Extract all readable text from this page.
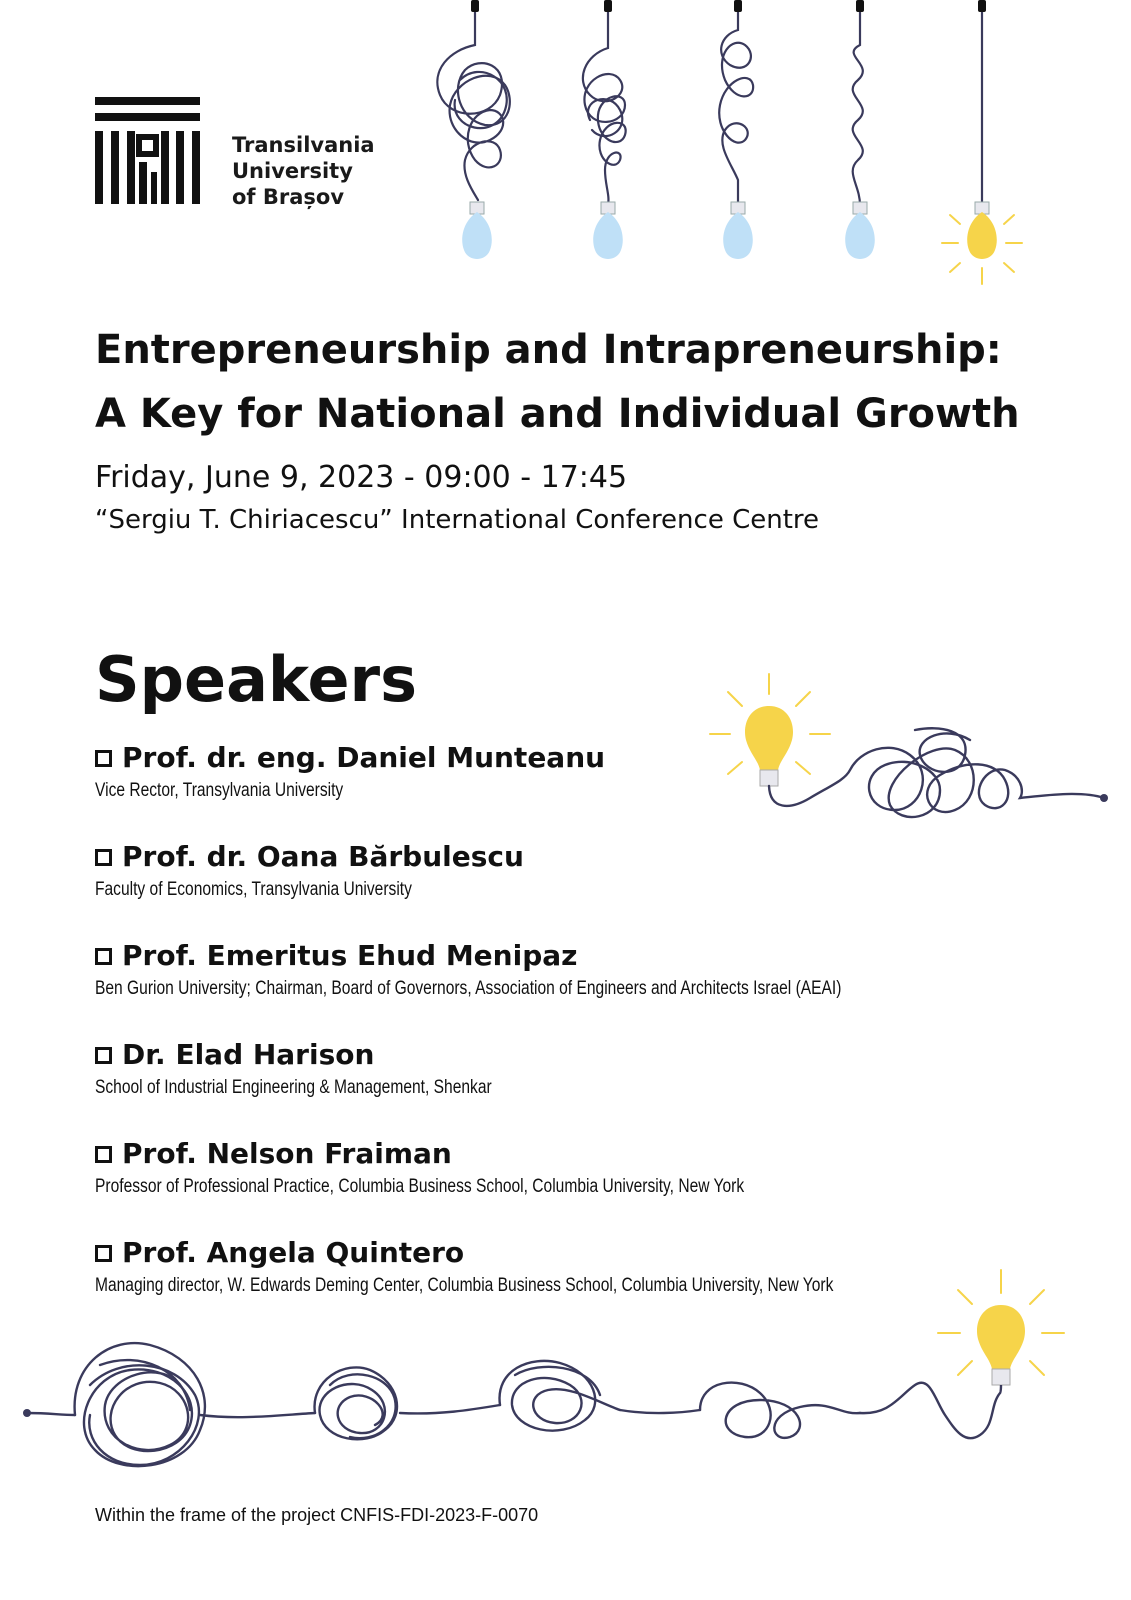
Transilvania
University
of Brașov
Entrepreneurship and Intrapreneurship:
A Key for National and Individual Growth
Friday, June 9, 2023 - 09:00 - 17:45
“Sergiu T. Chiriacescu” International Conference Centre
Speakers
Prof. dr. eng. Daniel Munteanu
Vice Rector, Transylvania University
Prof. dr. Oana Bărbulescu
Faculty of Economics, Transylvania University
Prof. Emeritus Ehud Menipaz
Ben Gurion University; Chairman, Board of Governors, Association of Engineers and Architects Israel (AEAI)
Dr. Elad Harison
School of Industrial Engineering & Management, Shenkar
Prof. Nelson Fraiman
Professor of Professional Practice, Columbia Business School, Columbia University, New York
Prof. Angela Quintero
Managing director, W. Edwards Deming Center, Columbia Business School, Columbia University, New York
Within the frame of the project CNFIS-FDI-2023-F-0070
